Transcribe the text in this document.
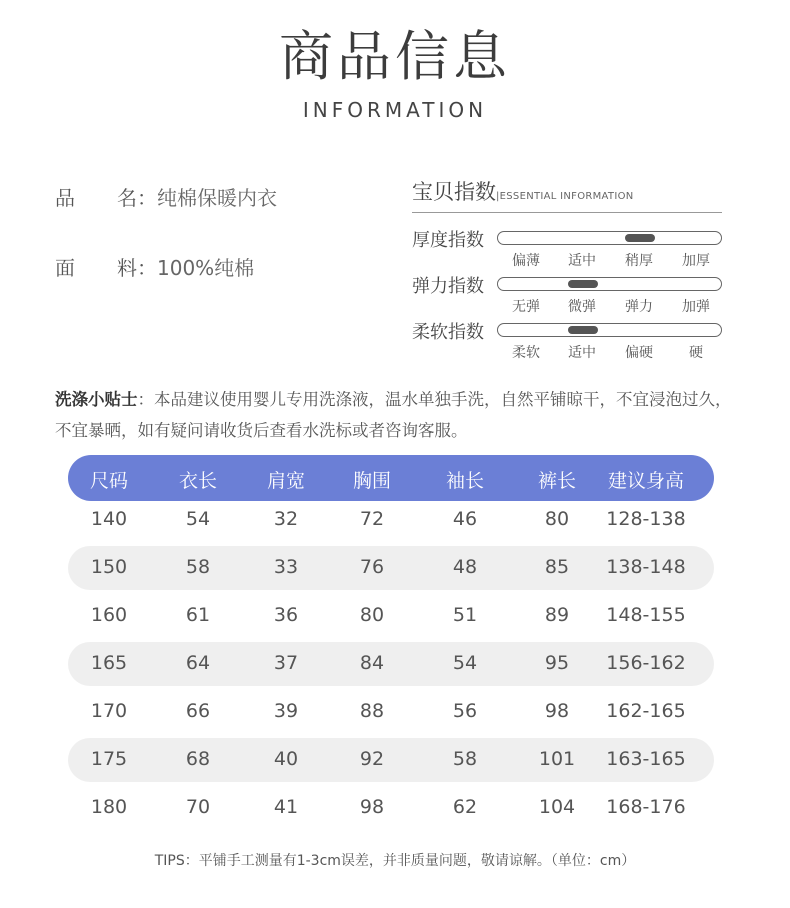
商品信息
INFORMATION
品 名：纯棉保暖内衣
面 料：100%纯棉
宝贝指数|ESSENTIAL INFORMATION
厚度指数
偏薄	适中	稍厚	加厚
弹力指数
无弹	微弹	弹力	加弹
柔软指数
柔软	适中	偏硬	硬
洗涤小贴士：本品建议使用婴儿专用洗涤液，温水单独手洗，自然平铺晾干，不宜浸泡过久，不宜暴晒，如有疑问请收货后查看水洗标或者咨询客服。
尺码	衣长	肩宽	胸围	袖长	裤长	建议身高
140	54	32	72	46	80	128-138
150	58	33	76	48	85	138-148
160	61	36	80	51	89	148-155
165	64	37	84	54	95	156-162
170	66	39	88	56	98	162-165
175	68	40	92	58	101	163-165
180	70	41	98	62	104	168-176
TIPS：平铺手工测量有1-3cm误差，并非质量问题，敬请谅解。（单位：cm）
